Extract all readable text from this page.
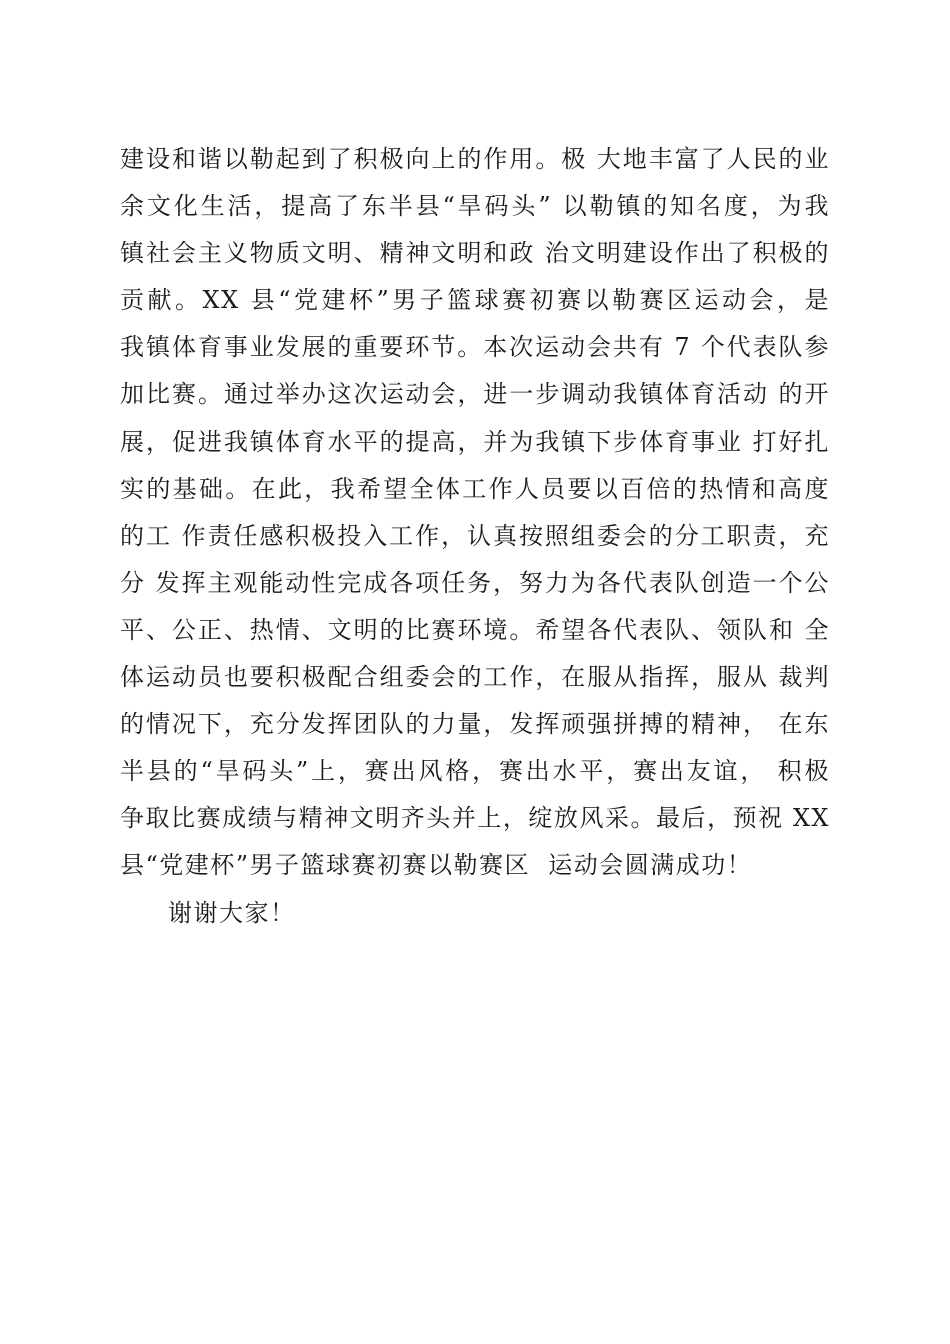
建设和谐以勒起到了积极向上的作用。极 大地丰富了人民的业
余文化生活，提高了东半县“旱码头” 以勒镇的知名度，为我
镇社会主义物质文明、精神文明和政 治文明建设作出了积极的
贡献。XX 县“党建杯”男子篮球赛初赛以勒赛区运动会，是
我镇体育事业发展的重要环节。本次运动会共有 7 个代表队参
加比赛。通过举办这次运动会，进一步调动我镇体育活动 的开
展，促进我镇体育水平的提高，并为我镇下步体育事业 打好扎
实的基础。在此，我希望全体工作人员要以百倍的热情和高度
的工 作责任感积极投入工作，认真按照组委会的分工职责，充
分 发挥主观能动性完成各项任务，努力为各代表队创造一个公
平、公正、热情、文明的比赛环境。希望各代表队、领队和 全
体运动员也要积极配合组委会的工作，在服从指挥，服从 裁判
的情况下，充分发挥团队的力量，发挥顽强拼搏的精神， 在东
半县的“旱码头”上，赛出风格，赛出水平，赛出友谊， 积极
争取比赛成绩与精神文明齐头并上，绽放风采。最后，预祝 XX
县“党建杯”男子篮球赛初赛以勒赛区  运动会圆满成功！
谢谢大家！
